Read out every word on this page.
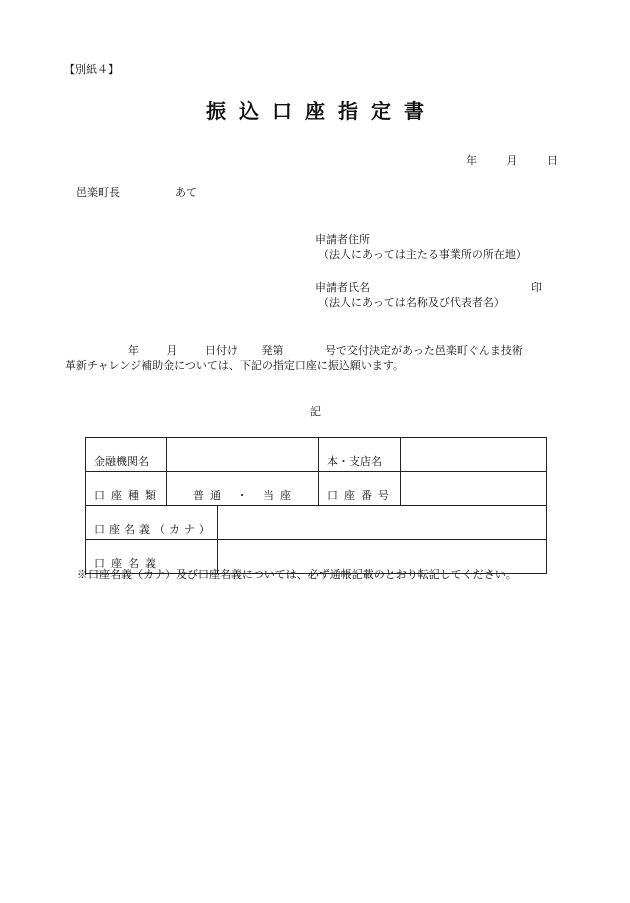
【別紙４】
振込口座指定書
年	月	日
邑楽町長	あて
申請者住所
（法人にあっては主たる事業所の所在地）
申請者氏名	印
（法人にあっては名称及び代表者名）
年	月	日付け 発第	号で交付決定があった邑楽町ぐんま技術
革新チャレンジ補助金については、下記の指定口座に振込願います。
記
金融機関名			本・支店名	
口座種類	普通 ・ 当座		口座番号	
口座名義（カナ）				
口座名義				
※口座名義（カナ）及び口座名義については、必ず通帳記載のとおり転記してください。
